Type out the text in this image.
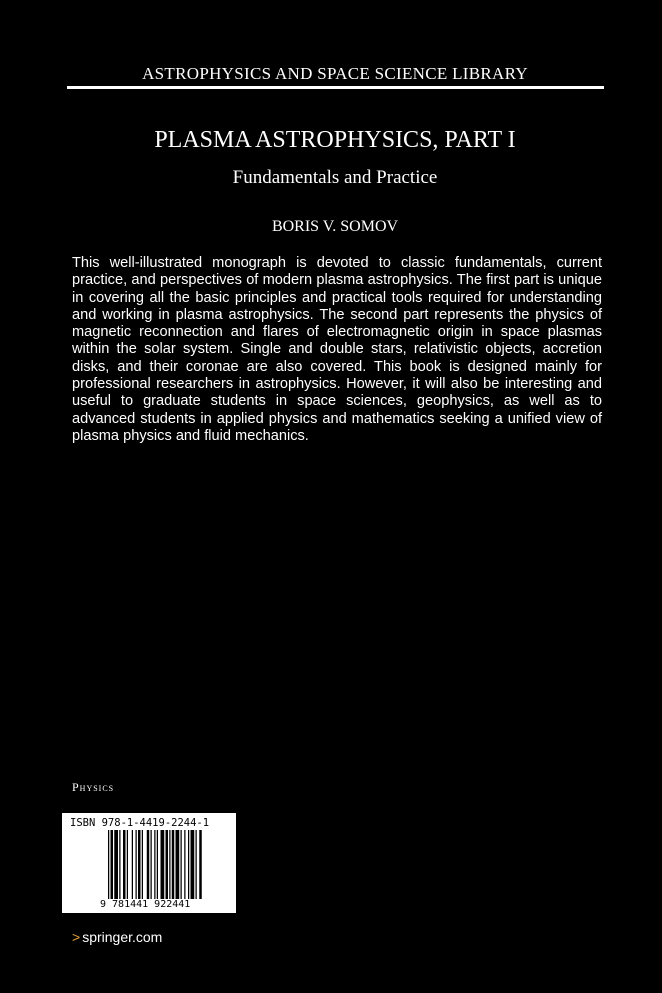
ASTROPHYSICS AND SPACE SCIENCE LIBRARY
PLASMA ASTROPHYSICS, PART I
Fundamentals and Practice
BORIS V. SOMOV

This well-illustrated monograph is devoted to classic fundamentals, current practice, and perspectives of modern plasma astrophysics. The first part is unique in covering all the basic principles and practical tools required for understanding and working in plasma astrophysics. The second part represents the physics of magnetic reconnection and flares of electromagnetic origin in space plasmas within the solar system. Single and double stars, relativistic objects, accretion disks, and their coronae are also covered. This book is designed mainly for professional researchers in astrophysics. However, it will also be interesting and useful to graduate students in space sciences, geophysics, as well as to advanced students in applied physics and mathematics seeking a unified view of plasma physics and fluid mechanics.

Physics
ISBN 978-1-4419-2244-1
9 781441 922441
> springer.com
